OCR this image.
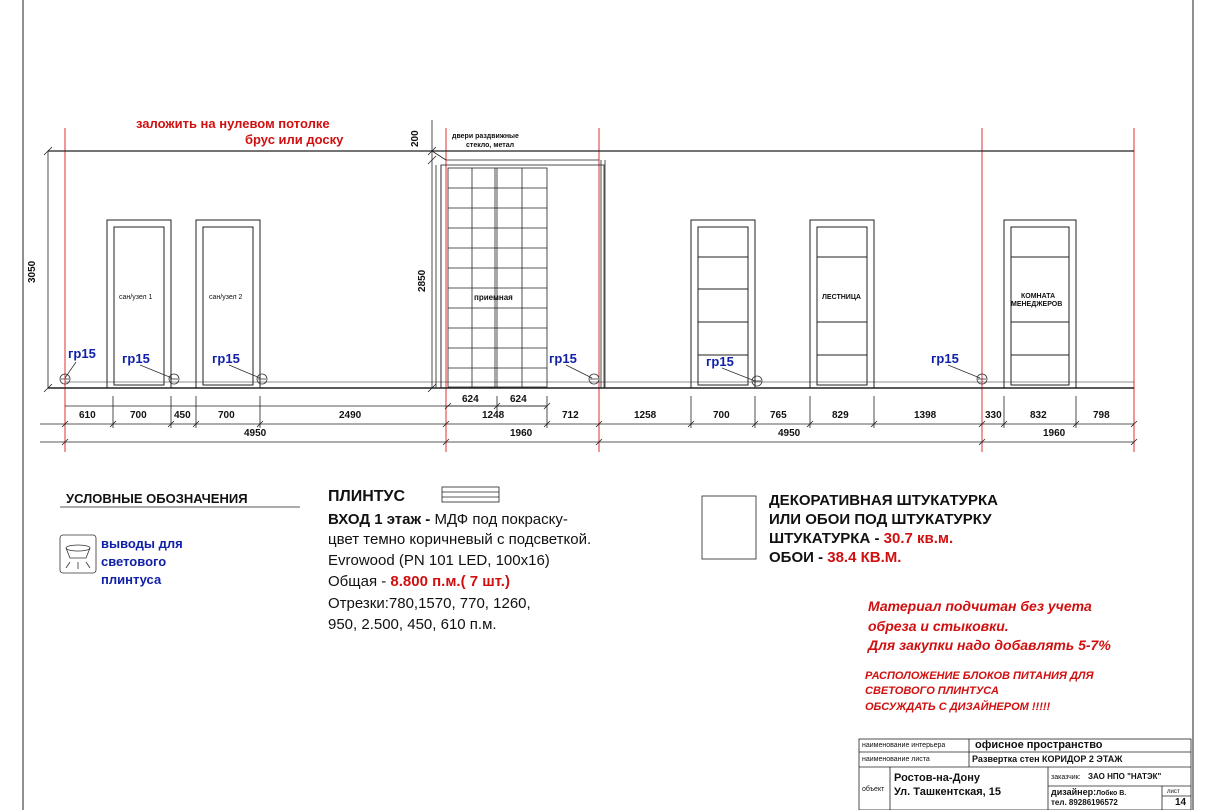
заложить на нулевом потолке
брус или доску
3050	2850
200	двери раздвижные
стекло, метал
сан/узел 1	сан/узел 2	приемная	ЛЕСТНИЦА	КОМНАТА
МЕНЕДЖЕРОВ
гр15 гр15	гр15	гр15	гр15	гр15
624	624
610	700	450	700	2490	1248	712	1258	700	765	829	1398	330	832	798
4950	1960	4950	1960
УСЛОВНЫЕ ОБОЗНАЧЕНИЯ
выводы для
светового
плинтуса
ПЛИНТУС
ВХОД 1 этаж - МДФ под покраску-
цвет темно коричневый с подсветкой.
Evrowood (PN 101 LED, 100x16)
Общая - 8.800 п.м.( 7 шт.)
Отрезки:780,1570, 770, 1260,
950, 2.500, 450, 610 п.м.
ДЕКОРАТИВНАЯ ШТУКАТУРКА
ИЛИ ОБОИ ПОД ШТУКАТУРКУ
ШТУКАТУРКА - 30.7 кв.м.
ОБОИ - 38.4 КВ.М.
Материал подчитан без учета
обреза и стыковки.
Для закупки надо добавлять 5-7%
РАСПОЛОЖЕНИЕ БЛОКОВ ПИТАНИЯ ДЛЯ
СВЕТОВОГО ПЛИНТУСА
ОБСУЖДАТЬ С ДИЗАЙНЕРОМ !!!!!
наименование интерьера	офисное пространство
наименование листа	Развертка стен КОРИДОР 2 ЭТАЖ
объект
Ростов-на-Дону
Ул. Ташкентская, 15
заказчик: ЗАО НПО "НАТЭК"
дизайнер:Лобко В.
тел. 89286196572
лист
14
